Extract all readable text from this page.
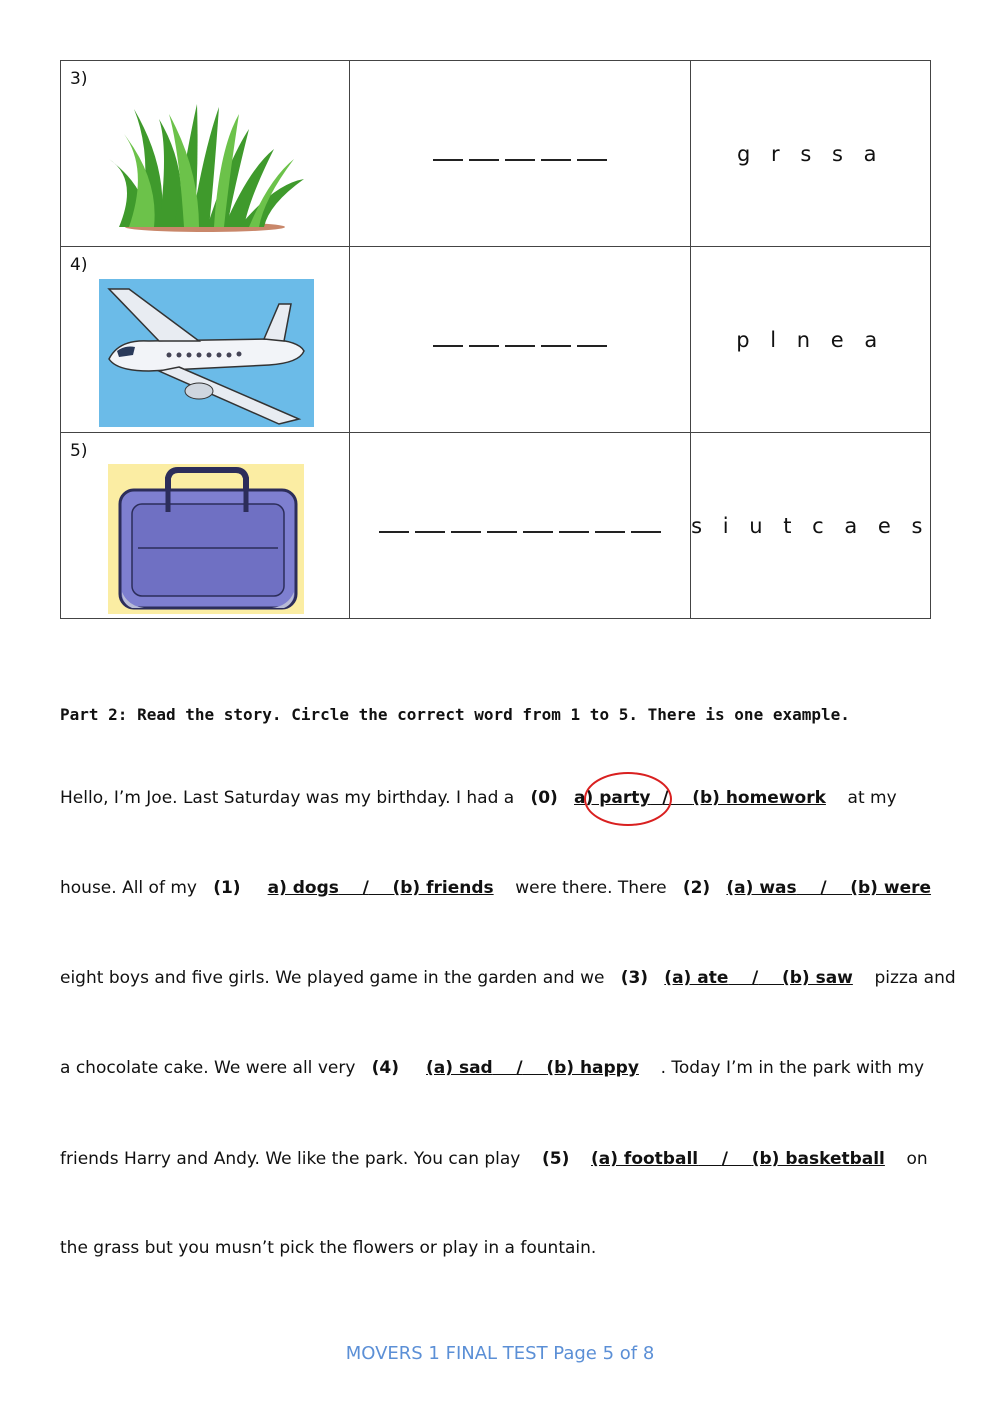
3)		g r s s a

4)		p l n e a

5)		s i u t c a e s
Part 2: Read the story. Circle the correct word from 1 to 5. There is one example.
Hello, I’m Joe. Last Saturday was my birthday. I had a (0) a) party / (b) homework at my
house. All of my (1) a) dogs / (b) friends were there. There (2) (a) was / (b) were
eight boys and five girls. We played game in the garden and we (3) (a) ate / (b) saw pizza and
a chocolate cake. We were all very (4) (a) sad / (b) happy . Today I’m in the park with my
friends Harry and Andy. We like the park. You can play (5) (a) football / (b) basketball on
the grass but you musn’t pick the flowers or play in a fountain.
MOVERS 1 FINAL TEST Page 5 of 8
